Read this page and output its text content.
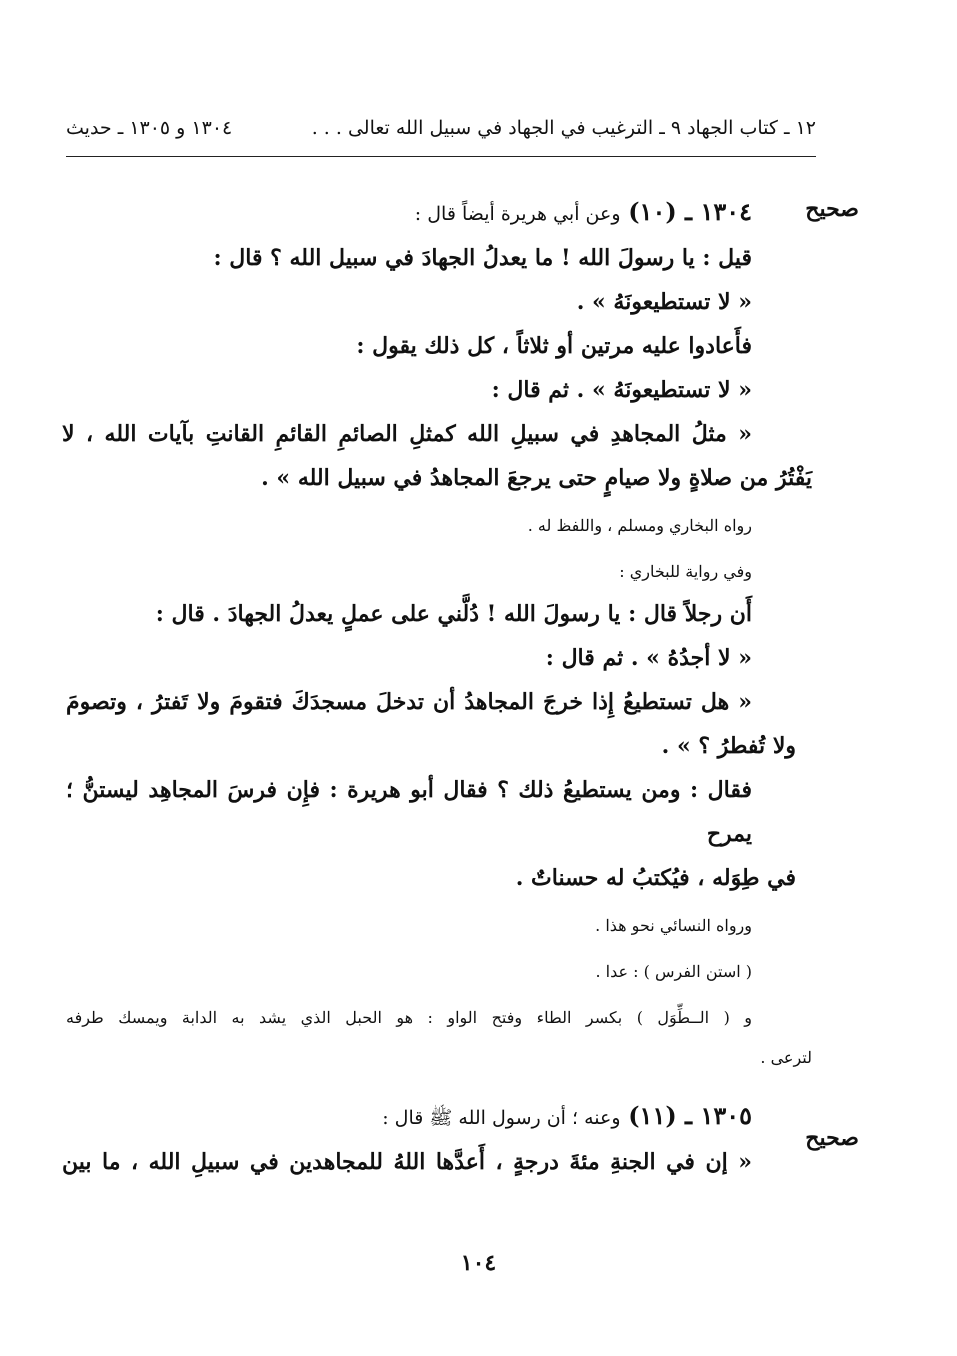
١٢ ـ كتاب الجهاد ٩ ـ الترغيب في الجهاد في سبيل الله تعالى . . .
١٣٠٤ و ١٣٠٥ ـ حديث
صحيح
صحيح

١٣٠٤ ـ (١٠) وعن أبي هريرة أيضاً قال :

قيل : يا رسولَ الله ! ما يعدلُ الجهادَ في سبيل الله ؟ قال :

« لا تستطيعونَهُ » .

فأَعادوا عليه مرتين أو ثلاثاً ، كل ذلك يقول :

« لا تستطيعونَهُ » . ثم قال :

« مثلُ المجاهدِ في سبيلِ الله كمثلِ الصائمِ القائمِ القانتِ بآيات الله ، لا

يَفْتُرُ من صلاةٍ ولا صيامٍ حتى يرجعَ المجاهدُ في سبيل الله » .

رواه البخاري ومسلم ، واللفظ له .

وفي رواية للبخاري :

أَن رجلاً قال : يا رسولَ الله ! دُلَّني على عملٍ يعدلُ الجهادَ . قال :

« لا أجدُهُ » . ثم قال :

« هل تستطيعُ إِذا خرجَ المجاهدُ أن تدخلَ مسجدَكَ فتقومَ ولا تَفترُ ، وتصومَ

ولا تُفطرُ ؟ » .

فقال : ومن يستطيعُ ذلك ؟ فقال أبو هريرة : فإِن فرسَ المجاهِد ليستنُّ ؛ يمرح

في طِوَله ، فيُكتبُ له حسناتٌ .

ورواه النسائي نحو هذا .

( استن الفرس ) : عدا .

و ( الــطِّوَل ) بكسر الطاء وفتح الواو : هو الحبل الذي يشد به الدابة ويمسك طرفه

لترعى .

١٣٠٥ ـ (١١) وعنه ؛ أن رسول الله ﷺ قال :

« إن في الجنةِ مئةَ درجةٍ ، أَعدَّها اللهُ للمجاهدين في سبيلِ الله ، ما بين

١٠٤
